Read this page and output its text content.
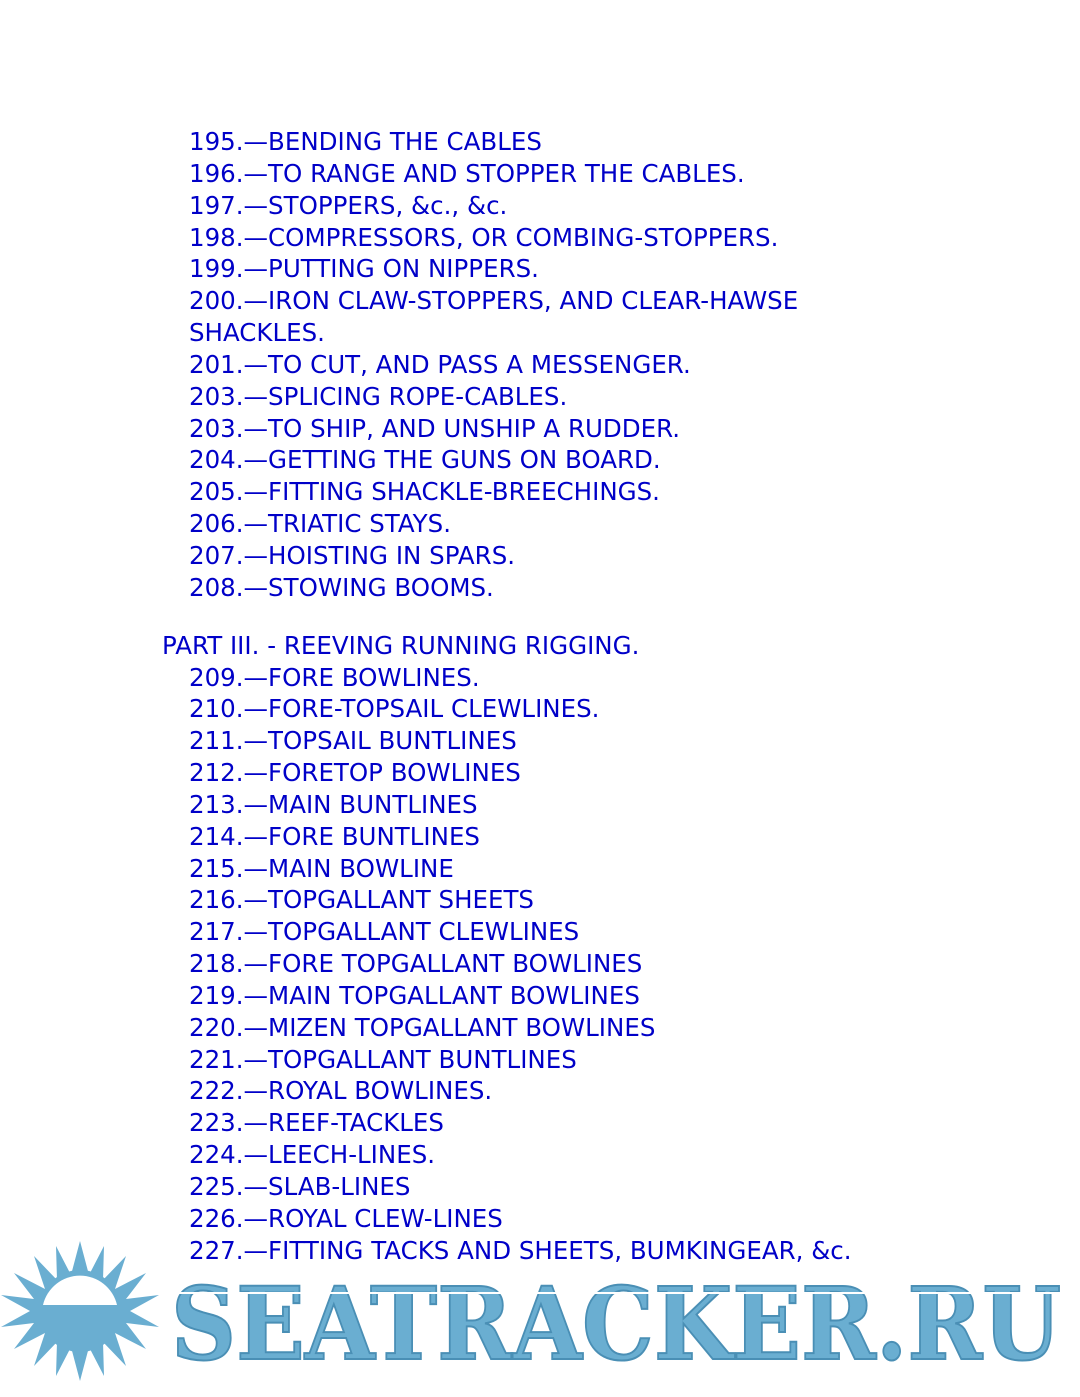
195.—BENDING THE CABLES
196.—TO RANGE AND STOPPER THE CABLES.
197.—STOPPERS, &c., &c.
198.—COMPRESSORS, OR COMBING-STOPPERS.
199.—PUTTING ON NIPPERS.
200.—IRON CLAW-STOPPERS, AND CLEAR-HAWSE
SHACKLES.
201.—TO CUT, AND PASS A MESSENGER.
203.—SPLICING ROPE-CABLES.
203.—TO SHIP, AND UNSHIP A RUDDER.
204.—GETTING THE GUNS ON BOARD.
205.—FITTING SHACKLE-BREECHINGS.
206.—TRIATIC STAYS.
207.—HOISTING IN SPARS.
208.—STOWING BOOMS.
PART III. - REEVING RUNNING RIGGING.
209.—FORE BOWLINES.
210.—FORE-TOPSAIL CLEWLINES.
211.—TOPSAIL BUNTLINES
212.—FORETOP BOWLINES
213.—MAIN BUNTLINES
214.—FORE BUNTLINES
215.—MAIN BOWLINE
216.—TOPGALLANT SHEETS
217.—TOPGALLANT CLEWLINES
218.—FORE TOPGALLANT BOWLINES
219.—MAIN TOPGALLANT BOWLINES
220.—MIZEN TOPGALLANT BOWLINES
221.—TOPGALLANT BUNTLINES
222.—ROYAL BOWLINES.
223.—REEF-TACKLES
224.—LEECH-LINES.
225.—SLAB-LINES
226.—ROYAL CLEW-LINES
227.—FITTING TACKS AND SHEETS, BUMKINGEAR, &c.
SEATRACKER.RU
